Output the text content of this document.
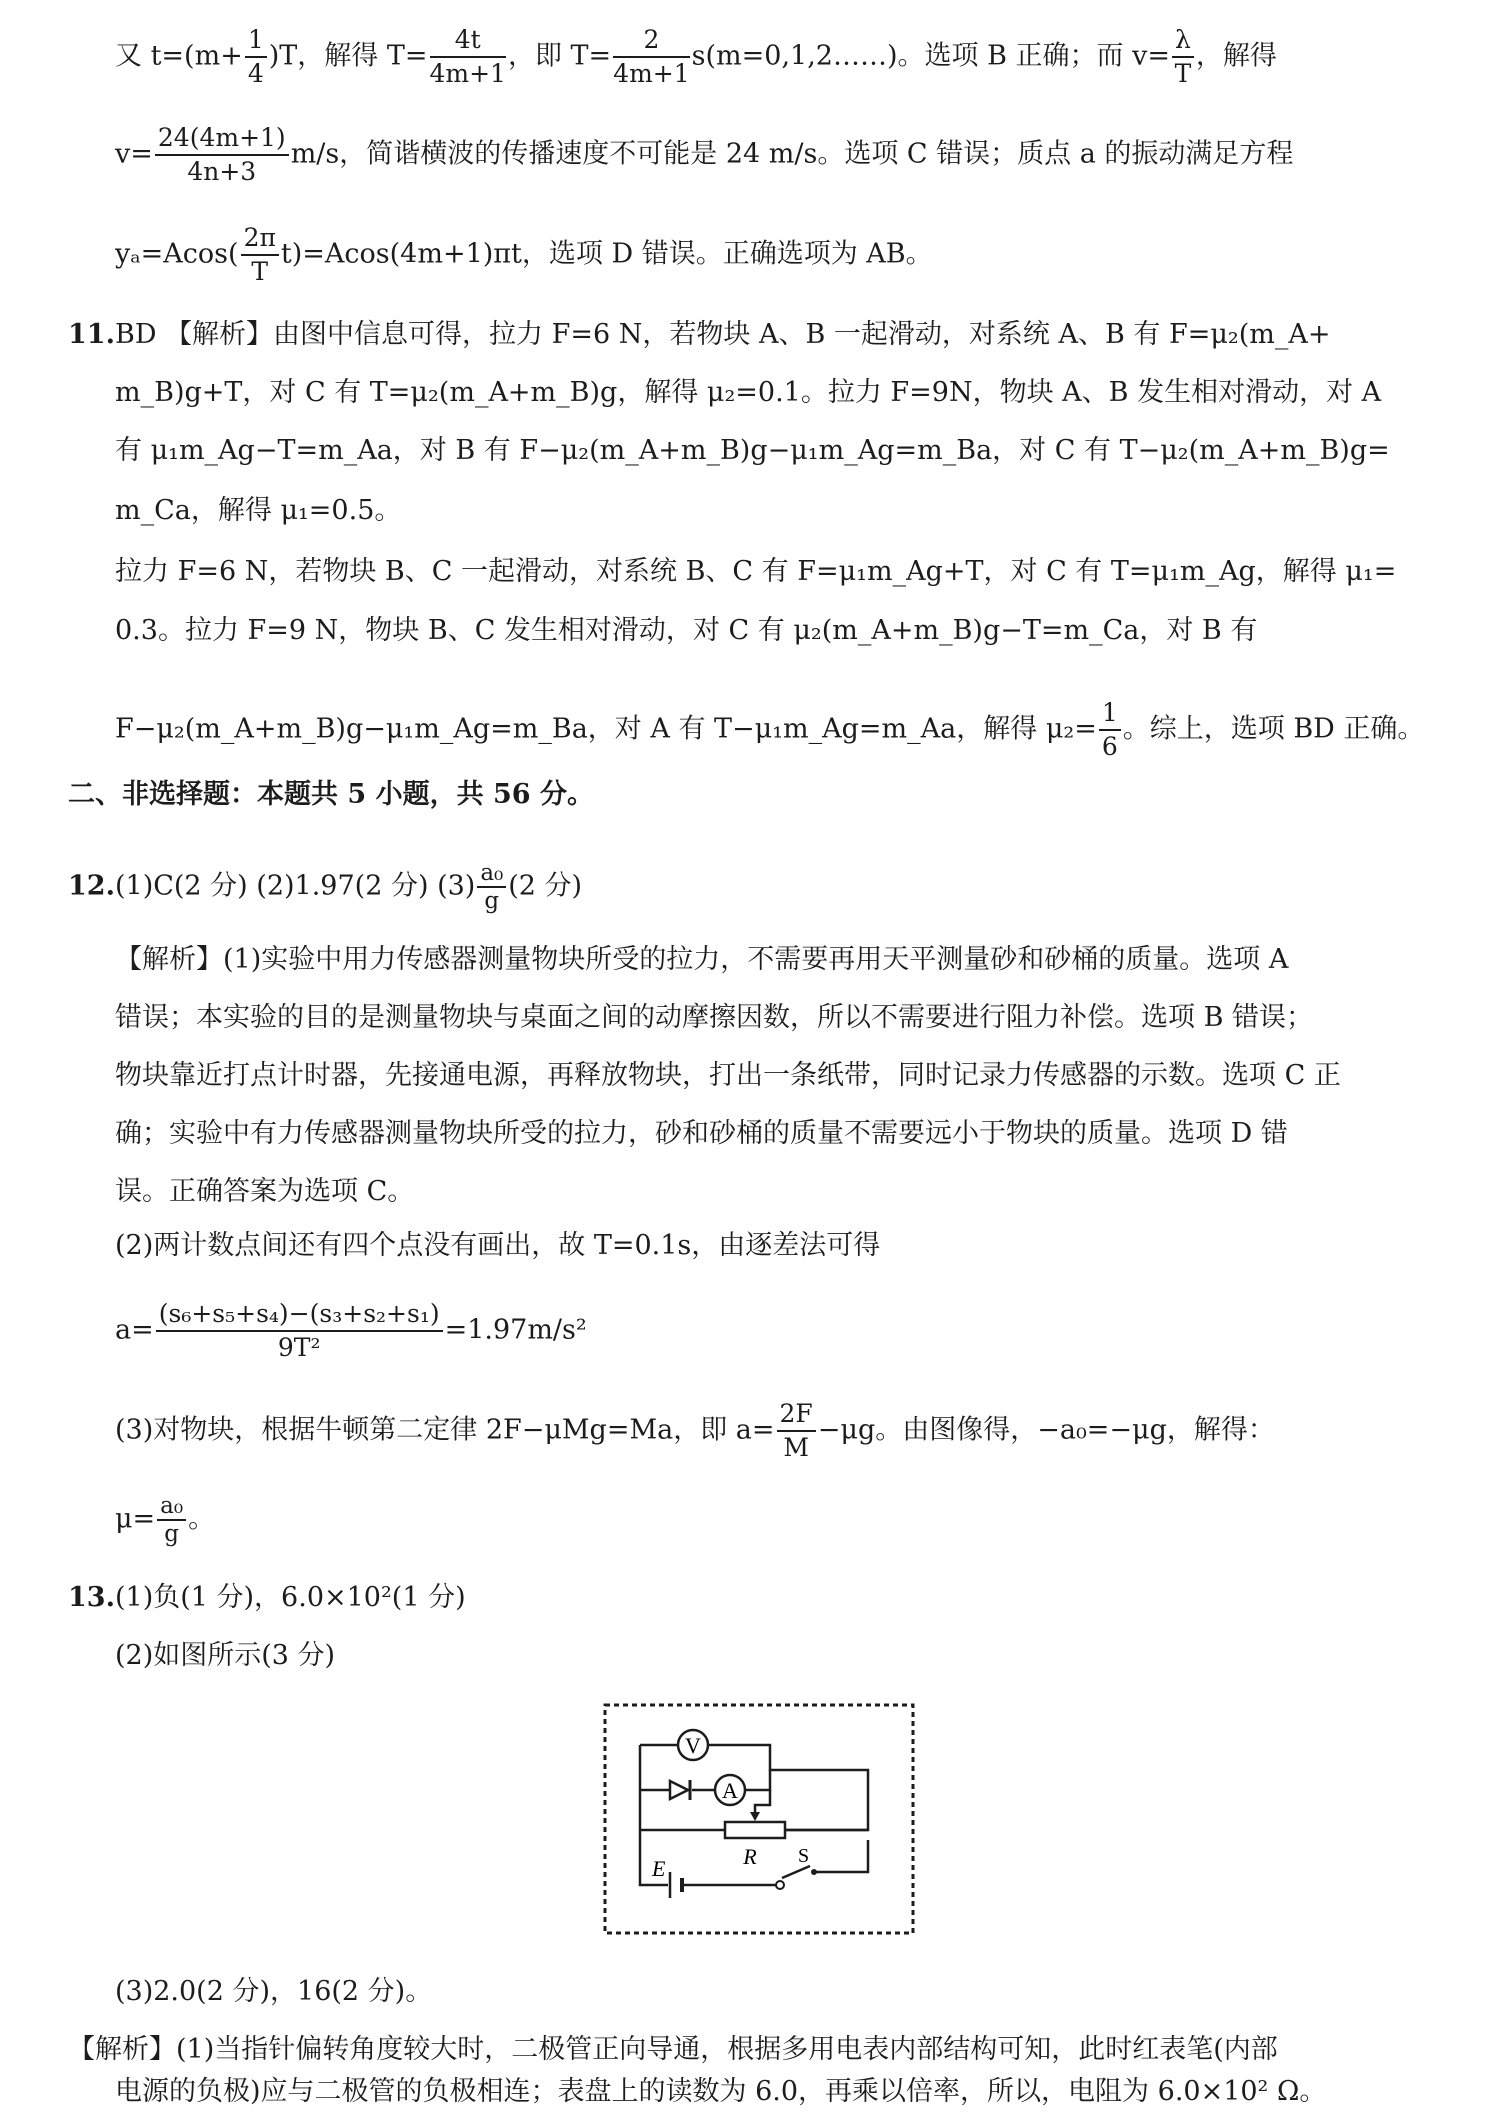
又 $t=(m+ \frac{1}{4} )T$，解得 $T= \frac{4t}{4m+1}$ ，即 $T= \frac{2}{4m+1}$ s(m=0,1,2……)。选项 B 正确；而 $v= \frac{\lambda}{T}$ ，解得
$v= \frac{24(4m+1)}{4n+3} m/s$，简谐横波的传播速度不可能是 24 m/s。选项 C 错误；质点 a 的振动满足方程
$y_a=Acos( \frac{2\pi}{T} t)=Acos(4m+1)\pi t$，选项 D 错误。正确选项为 AB。
11.BD 【解析】由图中信息可得，拉力 F=6 N，若物块 A、B 一起滑动，对系统 A、B 有 F=μ₂(m_A+
m_B)g+T，对 C 有 T=μ₂(m_A+m_B)g，解得 μ₂=0.1。拉力 F=9N，物块 A、B 发生相对滑动，对 A
有 μ₁m_Ag−T=m_Aa，对 B 有 F−μ₂(m_A+m_B)g−μ₁m_Ag=m_Ba，对 C 有 T−μ₂(m_A+m_B)g=
m_Ca，解得 μ₁=0.5。
拉力 F=6 N，若物块 B、C 一起滑动，对系统 B、C 有 F=μ₁m_Ag+T，对 C 有 T=μ₁m_Ag，解得 μ₁=
0.3。拉力 F=9 N，物块 B、C 发生相对滑动，对 C 有 μ₂(m_A+m_B)g−T=m_Ca，对 B 有
F−μ₂(m_A+m_B)g−μ₁m_Ag=m_Ba，对 A 有 T−μ₁m_Ag=m_Aa，解得 $\mu_2= \frac{1}{6}$ 。综上，选项 BD 正确。
二、非选择题：本题共 5 小题，共 56 分。
12.(1)C(2 分) (2)1.97(2 分) $(3) \frac{\text{a₀}}{g} (2$ 分)
【解析】(1)实验中用力传感器测量物块所受的拉力，不需要再用天平测量砂和砂桶的质量。选项 A
错误；本实验的目的是测量物块与桌面之间的动摩擦因数，所以不需要进行阻力补偿。选项 B 错误；
物块靠近打点计时器，先接通电源，再释放物块，打出一条纸带，同时记录力传感器的示数。选项 C 正
确；实验中有力传感器测量物块所受的拉力，砂和砂桶的质量不需要远小于物块的质量。选项 D 错
误。正确答案为选项 C。
(2)两计数点间还有四个点没有画出，故 T=0.1s，由逐差法可得
$a= \frac{\text{(s₆+s₅+s₄)−(s₃+s₂+s₁)}}{\text{9T²}} =1.97m/s^2$
(3)对物块，根据牛顿第二定律 2F−μMg=Ma，即 $a= \frac{2F}{M} -\mu g$。由图像得，−a₀=−μg，解得：
$\mu= \frac{\text{a₀}}{g}$ 。
13.(1)负(1 分)，6.0×10²(1 分)
(2)如图所示(3 分)
V
A
R
E	S
(3)2.0(2 分)，16(2 分)。
【解析】(1)当指针偏转角度较大时，二极管正向导通，根据多用电表内部结构可知，此时红表笔(内部
电源的负极)应与二极管的负极相连；表盘上的读数为 6.0，再乘以倍率，所以，电阻为 6.0×10² Ω。
